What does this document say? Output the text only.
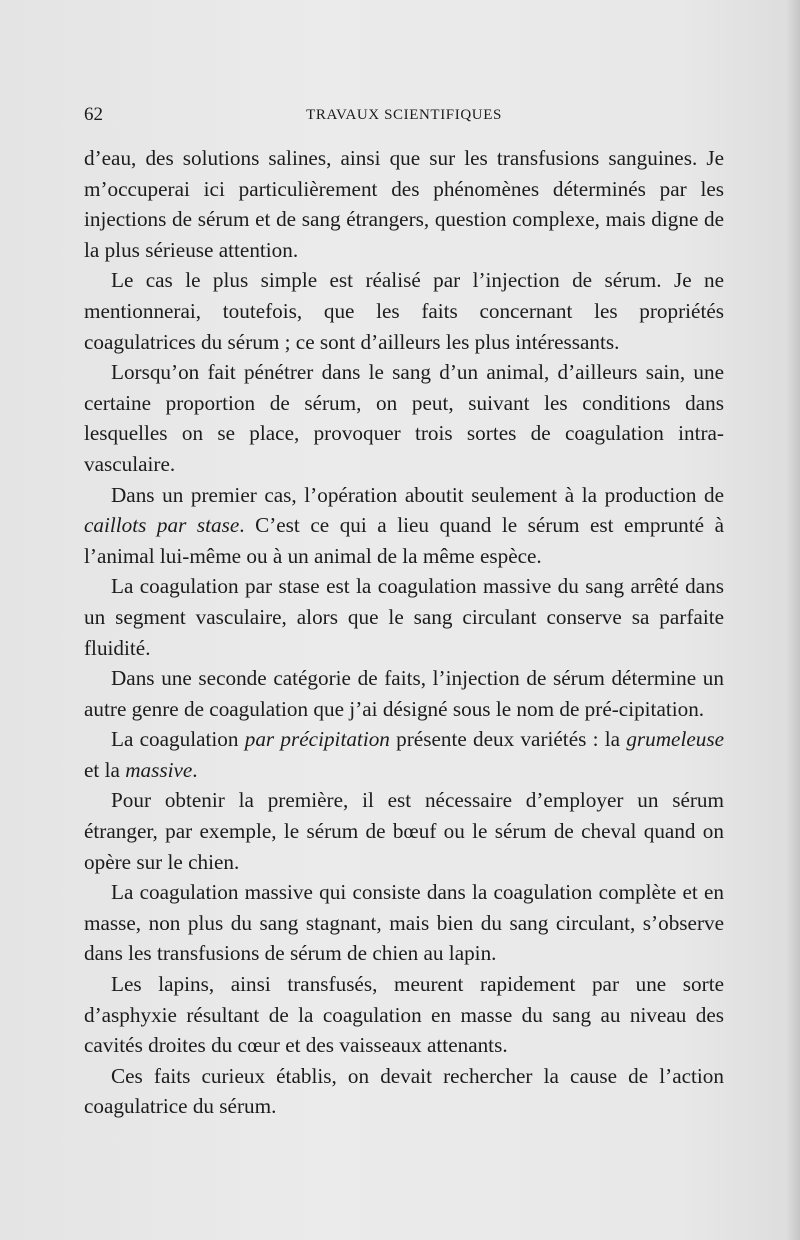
62	TRAVAUX SCIENTIFIQUES

d’eau, des solutions salines, ainsi que sur les transfusions sanguines. Je m’occuperai ici particulièrement des phénomènes déterminés par les injections de sérum et de sang étrangers, question complexe, mais digne de la plus sérieuse attention.

Le cas le plus simple est réalisé par l’injection de sérum. Je ne mentionnerai, toutefois, que les faits concernant les propriétés coagulatrices du sérum ; ce sont d’ailleurs les plus intéressants.

Lorsqu’on fait pénétrer dans le sang d’un animal, d’ailleurs sain, une certaine proportion de sérum, on peut, suivant les conditions dans lesquelles on se place, provoquer trois sortes de coagulation intra-vasculaire.

Dans un premier cas, l’opération aboutit seulement à la production de caillots par stase. C’est ce qui a lieu quand le sérum est emprunté à l’animal lui-même ou à un animal de la même espèce.

La coagulation par stase est la coagulation massive du sang arrêté dans un segment vasculaire, alors que le sang circulant conserve sa parfaite fluidité.

Dans une seconde catégorie de faits, l’injection de sérum détermine un autre genre de coagulation que j’ai désigné sous le nom de pré-cipitation.

La coagulation par précipitation présente deux variétés : la grumeleuse et la massive.

Pour obtenir la première, il est nécessaire d’employer un sérum étranger, par exemple, le sérum de bœuf ou le sérum de cheval quand on opère sur le chien.

La coagulation massive qui consiste dans la coagulation complète et en masse, non plus du sang stagnant, mais bien du sang circulant, s’observe dans les transfusions de sérum de chien au lapin.

Les lapins, ainsi transfusés, meurent rapidement par une sorte d’asphyxie résultant de la coagulation en masse du sang au niveau des cavités droites du cœur et des vaisseaux attenants.

Ces faits curieux établis, on devait rechercher la cause de l’action coagulatrice du sérum.
